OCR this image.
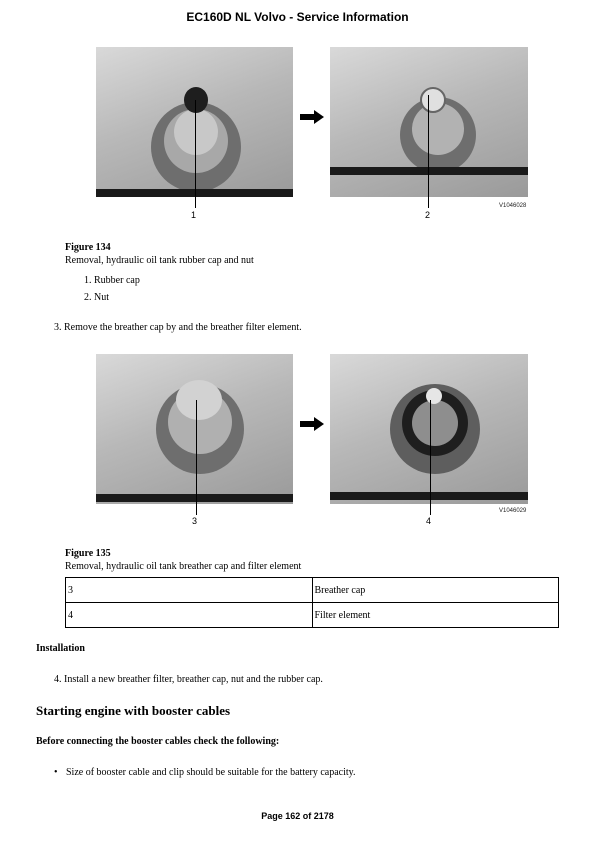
EC160D NL Volvo - Service Information
1	2
V1046028
Figure 134
Removal, hydraulic oil tank rubber cap and nut
1. Rubber cap
2. Nut
3. Remove the breather cap by and the breather filter element.
3	4
V1046029
Figure 135
Removal, hydraulic oil tank breather cap and filter element
3	Breather cap
4	Filter element
Installation
4. Install a new breather filter, breather cap, nut and the rubber cap.
Starting engine with booster cables
Before connecting the booster cables check the following:
• Size of booster cable and clip should be suitable for the battery capacity.
Page 162 of 2178
